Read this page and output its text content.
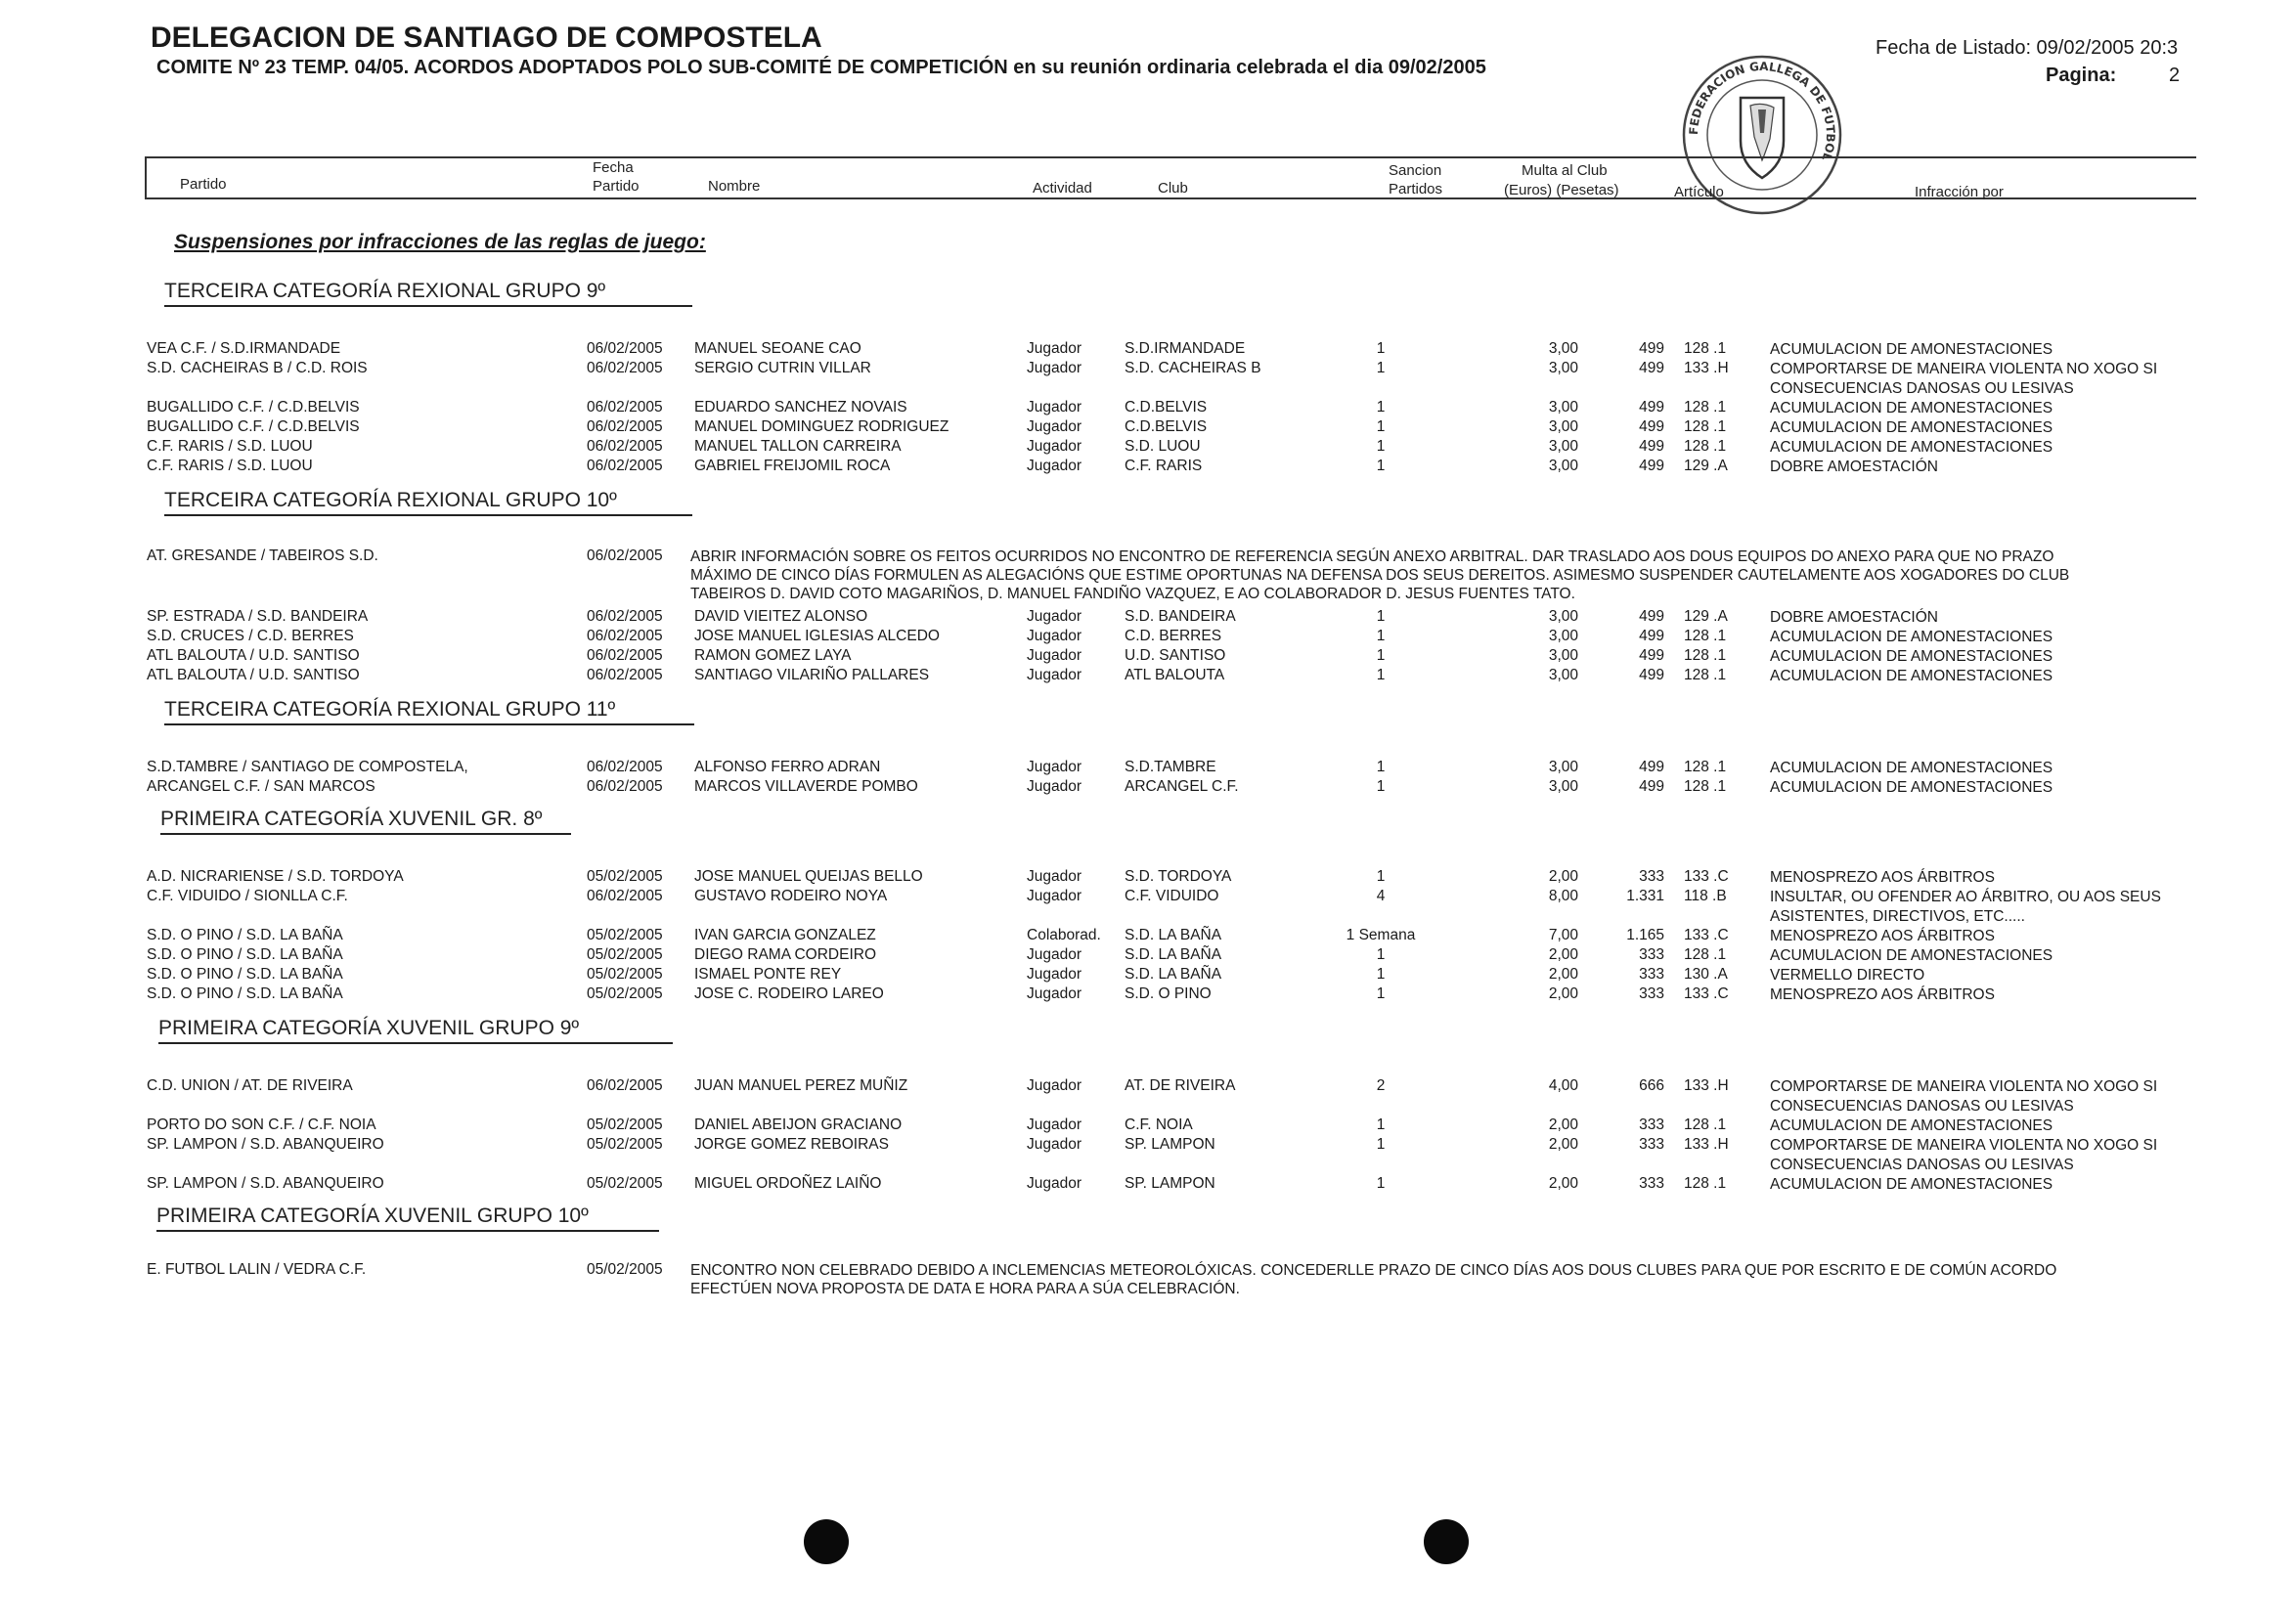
DELEGACION DE SANTIAGO DE COMPOSTELA
COMITE Nº 23 TEMP. 04/05. ACORDOS ADOPTADOS POLO SUB-COMITÉ DE COMPETICIÓN en su reunión ordinaria celebrada el dia 09/02/2005
Fecha de Listado: 09/02/2005 20:3
Pagina:	2
FEDERACION GALLEGA DE FUTBOL
Partido
Fecha
Partido	Nombre	Actividad	Club
Sancion
Partidos
Multa al Club
(Euros) (Pesetas)	Artículo	Infracción por
Suspensiones por infracciones de las reglas de juego:
TERCEIRA CATEGORÍA REXIONAL GRUPO 9º
VEA C.F. / S.D.IRMANDADE	06/02/2005 MANUEL SEOANE CAO	Jugador	S.D.IRMANDADE	1	3,00	499 128 .1	ACUMULACION DE AMONESTACIONES
S.D. CACHEIRAS B / C.D. ROIS	06/02/2005 SERGIO CUTRIN VILLAR	Jugador	S.D. CACHEIRAS B	1	3,00	499 133 .H	COMPORTARSE DE MANEIRA VIOLENTA NO XOGO SI
CONSECUENCIAS DANOSAS OU LESIVAS
BUGALLIDO C.F. / C.D.BELVIS	06/02/2005 EDUARDO SANCHEZ NOVAIS	Jugador	C.D.BELVIS	1	3,00	499 128 .1	ACUMULACION DE AMONESTACIONES
BUGALLIDO C.F. / C.D.BELVIS	06/02/2005 MANUEL DOMINGUEZ RODRIGUEZ	Jugador	C.D.BELVIS	1	3,00	499 128 .1	ACUMULACION DE AMONESTACIONES
C.F. RARIS / S.D. LUOU	06/02/2005 MANUEL TALLON CARREIRA	Jugador	S.D. LUOU	1	3,00	499 128 .1	ACUMULACION DE AMONESTACIONES
C.F. RARIS / S.D. LUOU	06/02/2005 GABRIEL FREIJOMIL ROCA	Jugador	C.F. RARIS	1	3,00	499 129 .A	DOBRE AMOESTACIÓN
TERCEIRA CATEGORÍA REXIONAL GRUPO 10º
AT. GRESANDE / TABEIROS S.D.	06/02/2005 ABRIR INFORMACIÓN SOBRE OS FEITOS OCURRIDOS NO ENCONTRO DE REFERENCIA SEGÚN ANEXO ARBITRAL. DAR TRASLADO AOS DOUS EQUIPOS DO ANEXO PARA QUE NO PRAZO
MÁXIMO DE CINCO DÍAS FORMULEN AS ALEGACIÓNS QUE ESTIME OPORTUNAS NA DEFENSA DOS SEUS DEREITOS. ASIMESMO SUSPENDER CAUTELAMENTE AOS XOGADORES DO CLUB
TABEIROS D. DAVID COTO MAGARIÑOS, D. MANUEL FANDIÑO VAZQUEZ, E AO COLABORADOR D. JESUS FUENTES TATO.
SP. ESTRADA / S.D. BANDEIRA	06/02/2005 DAVID VIEITEZ ALONSO	Jugador	S.D. BANDEIRA	1	3,00	499 129 .A	DOBRE AMOESTACIÓN
S.D. CRUCES / C.D. BERRES	06/02/2005 JOSE MANUEL IGLESIAS ALCEDO	Jugador	C.D. BERRES	1	3,00	499 128 .1	ACUMULACION DE AMONESTACIONES
ATL BALOUTA / U.D. SANTISO	06/02/2005 RAMON GOMEZ LAYA	Jugador	U.D. SANTISO	1	3,00	499 128 .1	ACUMULACION DE AMONESTACIONES
ATL BALOUTA / U.D. SANTISO	06/02/2005 SANTIAGO VILARIÑO PALLARES	Jugador	ATL BALOUTA	1	3,00	499 128 .1	ACUMULACION DE AMONESTACIONES
TERCEIRA CATEGORÍA REXIONAL GRUPO 11º
S.D.TAMBRE / SANTIAGO DE COMPOSTELA,	06/02/2005 ALFONSO FERRO ADRAN	Jugador	S.D.TAMBRE	1	3,00	499 128 .1	ACUMULACION DE AMONESTACIONES
ARCANGEL C.F. / SAN MARCOS	06/02/2005 MARCOS VILLAVERDE POMBO	Jugador	ARCANGEL C.F.	1	3,00	499 128 .1	ACUMULACION DE AMONESTACIONES
PRIMEIRA CATEGORÍA XUVENIL GR. 8º
A.D. NICRARIENSE / S.D. TORDOYA	05/02/2005 JOSE MANUEL QUEIJAS BELLO	Jugador	S.D. TORDOYA	1	2,00	333 133 .C	MENOSPREZO AOS ÁRBITROS
C.F. VIDUIDO / SIONLLA C.F.	06/02/2005 GUSTAVO RODEIRO NOYA	Jugador	C.F. VIDUIDO	4	8,00	1.331 118 .B	INSULTAR, OU OFENDER AO ÁRBITRO, OU AOS SEUS
ASISTENTES, DIRECTIVOS, ETC.....
S.D. O PINO / S.D. LA BAÑA	05/02/2005 IVAN GARCIA GONZALEZ	Colaborad. S.D. LA BAÑA	1 Semana	7,00	1.165 133 .C	MENOSPREZO AOS ÁRBITROS
S.D. O PINO / S.D. LA BAÑA	05/02/2005 DIEGO RAMA CORDEIRO	Jugador	S.D. LA BAÑA	1	2,00	333 128 .1	ACUMULACION DE AMONESTACIONES
S.D. O PINO / S.D. LA BAÑA	05/02/2005 ISMAEL PONTE REY	Jugador	S.D. LA BAÑA	1	2,00	333 130 .A	VERMELLO DIRECTO
S.D. O PINO / S.D. LA BAÑA	05/02/2005 JOSE C. RODEIRO LAREO	Jugador	S.D. O PINO	1	2,00	333 133 .C	MENOSPREZO AOS ÁRBITROS
PRIMEIRA CATEGORÍA XUVENIL GRUPO 9º
C.D. UNION / AT. DE RIVEIRA	06/02/2005 JUAN MANUEL PEREZ MUÑIZ	Jugador	AT. DE RIVEIRA	2	4,00	666 133 .H	COMPORTARSE DE MANEIRA VIOLENTA NO XOGO SI
CONSECUENCIAS DANOSAS OU LESIVAS
PORTO DO SON C.F. / C.F. NOIA	05/02/2005 DANIEL ABEIJON GRACIANO	Jugador	C.F. NOIA	1	2,00	333 128 .1	ACUMULACION DE AMONESTACIONES
SP. LAMPON / S.D. ABANQUEIRO	05/02/2005 JORGE GOMEZ REBOIRAS	Jugador	SP. LAMPON	1	2,00	333 133 .H	COMPORTARSE DE MANEIRA VIOLENTA NO XOGO SI
CONSECUENCIAS DANOSAS OU LESIVAS
SP. LAMPON / S.D. ABANQUEIRO	05/02/2005 MIGUEL ORDOÑEZ LAIÑO	Jugador	SP. LAMPON	1	2,00	333 128 .1	ACUMULACION DE AMONESTACIONES
PRIMEIRA CATEGORÍA XUVENIL GRUPO 10º
E. FUTBOL LALIN / VEDRA C.F.	05/02/2005 ENCONTRO NON CELEBRADO DEBIDO A INCLEMENCIAS METEOROLÓXICAS. CONCEDERLLE PRAZO DE CINCO DÍAS AOS DOUS CLUBES PARA QUE POR ESCRITO E DE COMÚN ACORDO
EFECTÚEN NOVA PROPOSTA DE DATA E HORA PARA A SÚA CELEBRACIÓN.
